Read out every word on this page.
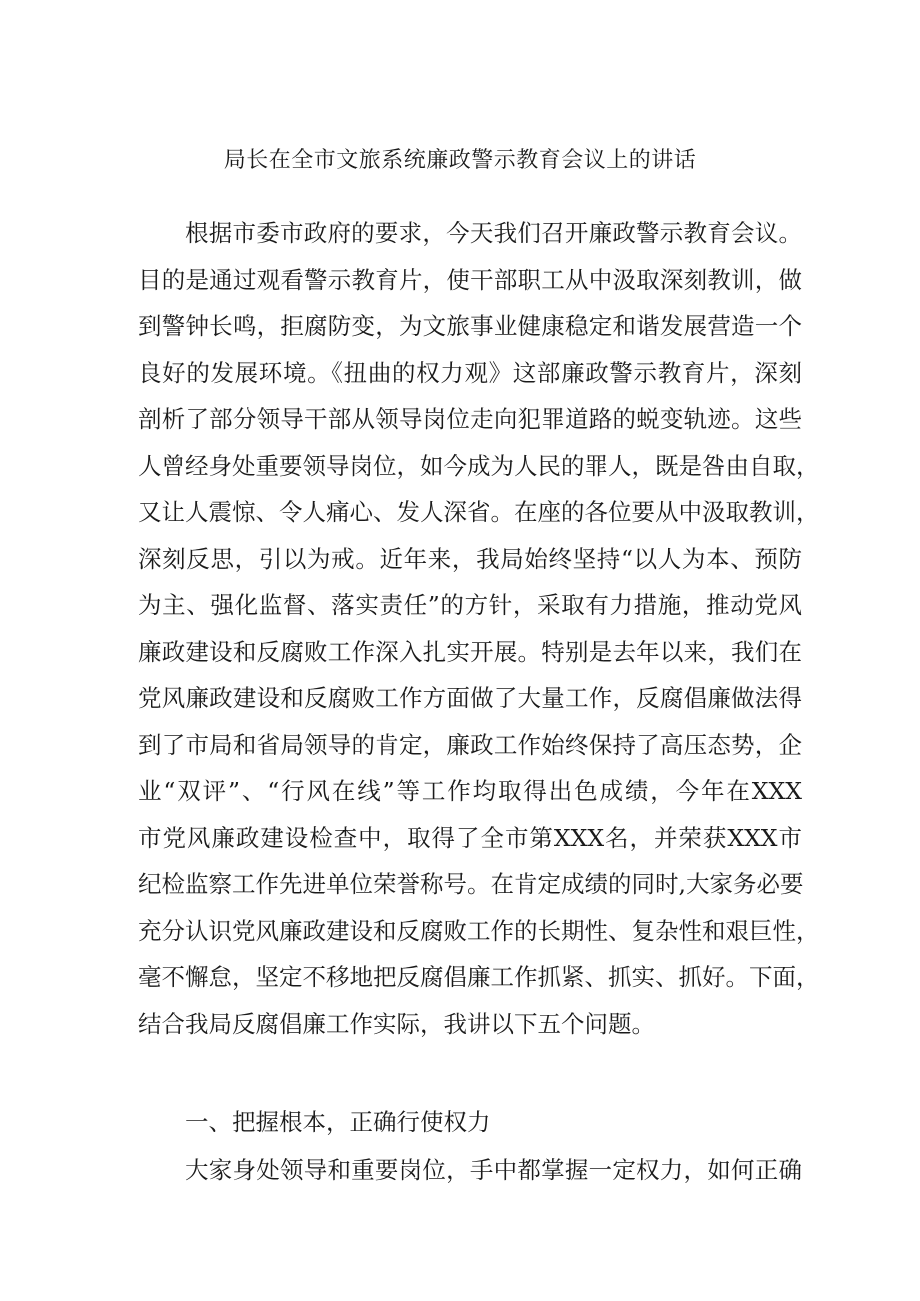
局长在全市文旅系统廉政警示教育会议上的讲话
根据市委市政府的要求，今天我们召开廉政警示教育会议。
目的是通过观看警示教育片，使干部职工从中汲取深刻教训，做
到警钟长鸣，拒腐防变，为文旅事业健康稳定和谐发展营造一个
良好的发展环境。《扭曲的权力观》这部廉政警示教育片，深刻
剖析了部分领导干部从领导岗位走向犯罪道路的蜕变轨迹。这些
人曾经身处重要领导岗位，如今成为人民的罪人，既是咎由自取，
又让人震惊、令人痛心、发人深省。在座的各位要从中汲取教训，
深刻反思，引以为戒。近年来，我局始终坚持“以人为本、预防
为主、强化监督、落实责任”的方针，采取有力措施，推动党风
廉政建设和反腐败工作深入扎实开展。特别是去年以来，我们在
党风廉政建设和反腐败工作方面做了大量工作，反腐倡廉做法得
到了市局和省局领导的肯定，廉政工作始终保持了高压态势，企
业“双评”、“行风在线”等工作均取得出色成绩，今年在XXX
市党风廉政建设检查中，取得了全市第XXX名，并荣获XXX市
纪检监察工作先进单位荣誉称号。在肯定成绩的同时,大家务必要
充分认识党风廉政建设和反腐败工作的长期性、复杂性和艰巨性，
毫不懈怠，坚定不移地把反腐倡廉工作抓紧、抓实、抓好。下面，
结合我局反腐倡廉工作实际，我讲以下五个问题。
一、把握根本，正确行使权力
大家身处领导和重要岗位，手中都掌握一定权力，如何正确
